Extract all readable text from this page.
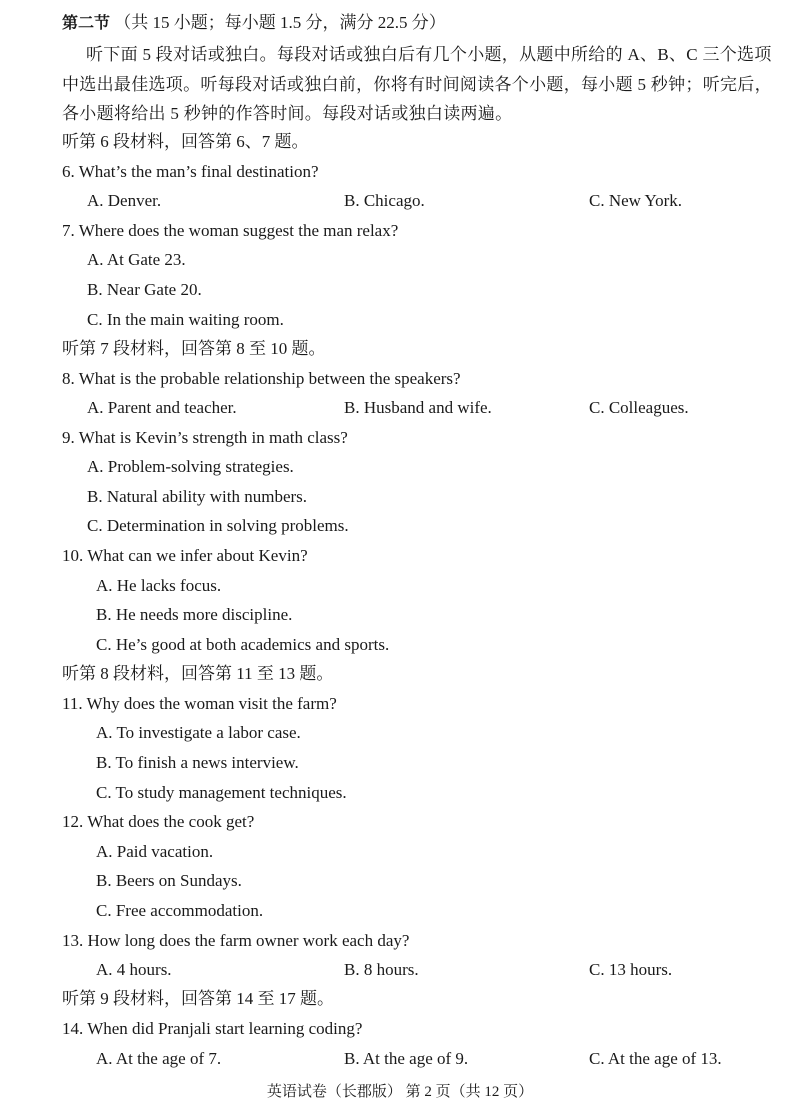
第二节 （共 15 小题；每小题 1.5 分，满分 22.5 分）
听下面 5 段对话或独白。每段对话或独白后有几个小题，从题中所给的 A、B、C 三个选项中选出最佳选项。听每段对话或独白前，你将有时间阅读各个小题，每小题 5 秒钟；听完后，各小题将给出 5 秒钟的作答时间。每段对话或独白读两遍。
听第 6 段材料，回答第 6、7 题。
6. What’s the man’s final destination?
A. Denver.	B. Chicago.	C. New York.
7. Where does the woman suggest the man relax?
A. At Gate 23.
B. Near Gate 20.
C. In the main waiting room.
听第 7 段材料，回答第 8 至 10 题。
8. What is the probable relationship between the speakers?
A. Parent and teacher.	B. Husband and wife.	C. Colleagues.
9. What is Kevin’s strength in math class?
A. Problem-solving strategies.
B. Natural ability with numbers.
C. Determination in solving problems.
10. What can we infer about Kevin?
A. He lacks focus.
B. He needs more discipline.
C. He’s good at both academics and sports.
听第 8 段材料，回答第 11 至 13 题。
11. Why does the woman visit the farm?
A. To investigate a labor case.
B. To finish a news interview.
C. To study management techniques.
12. What does the cook get?
A. Paid vacation.
B. Beers on Sundays.
C. Free accommodation.
13. How long does the farm owner work each day?
A. 4 hours.	B. 8 hours.	C. 13 hours.
听第 9 段材料，回答第 14 至 17 题。
14. When did Pranjali start learning coding?
A. At the age of 7.	B. At the age of 9.	C. At the age of 13.
英语试卷（长郡版） 第 2 页（共 12 页）
